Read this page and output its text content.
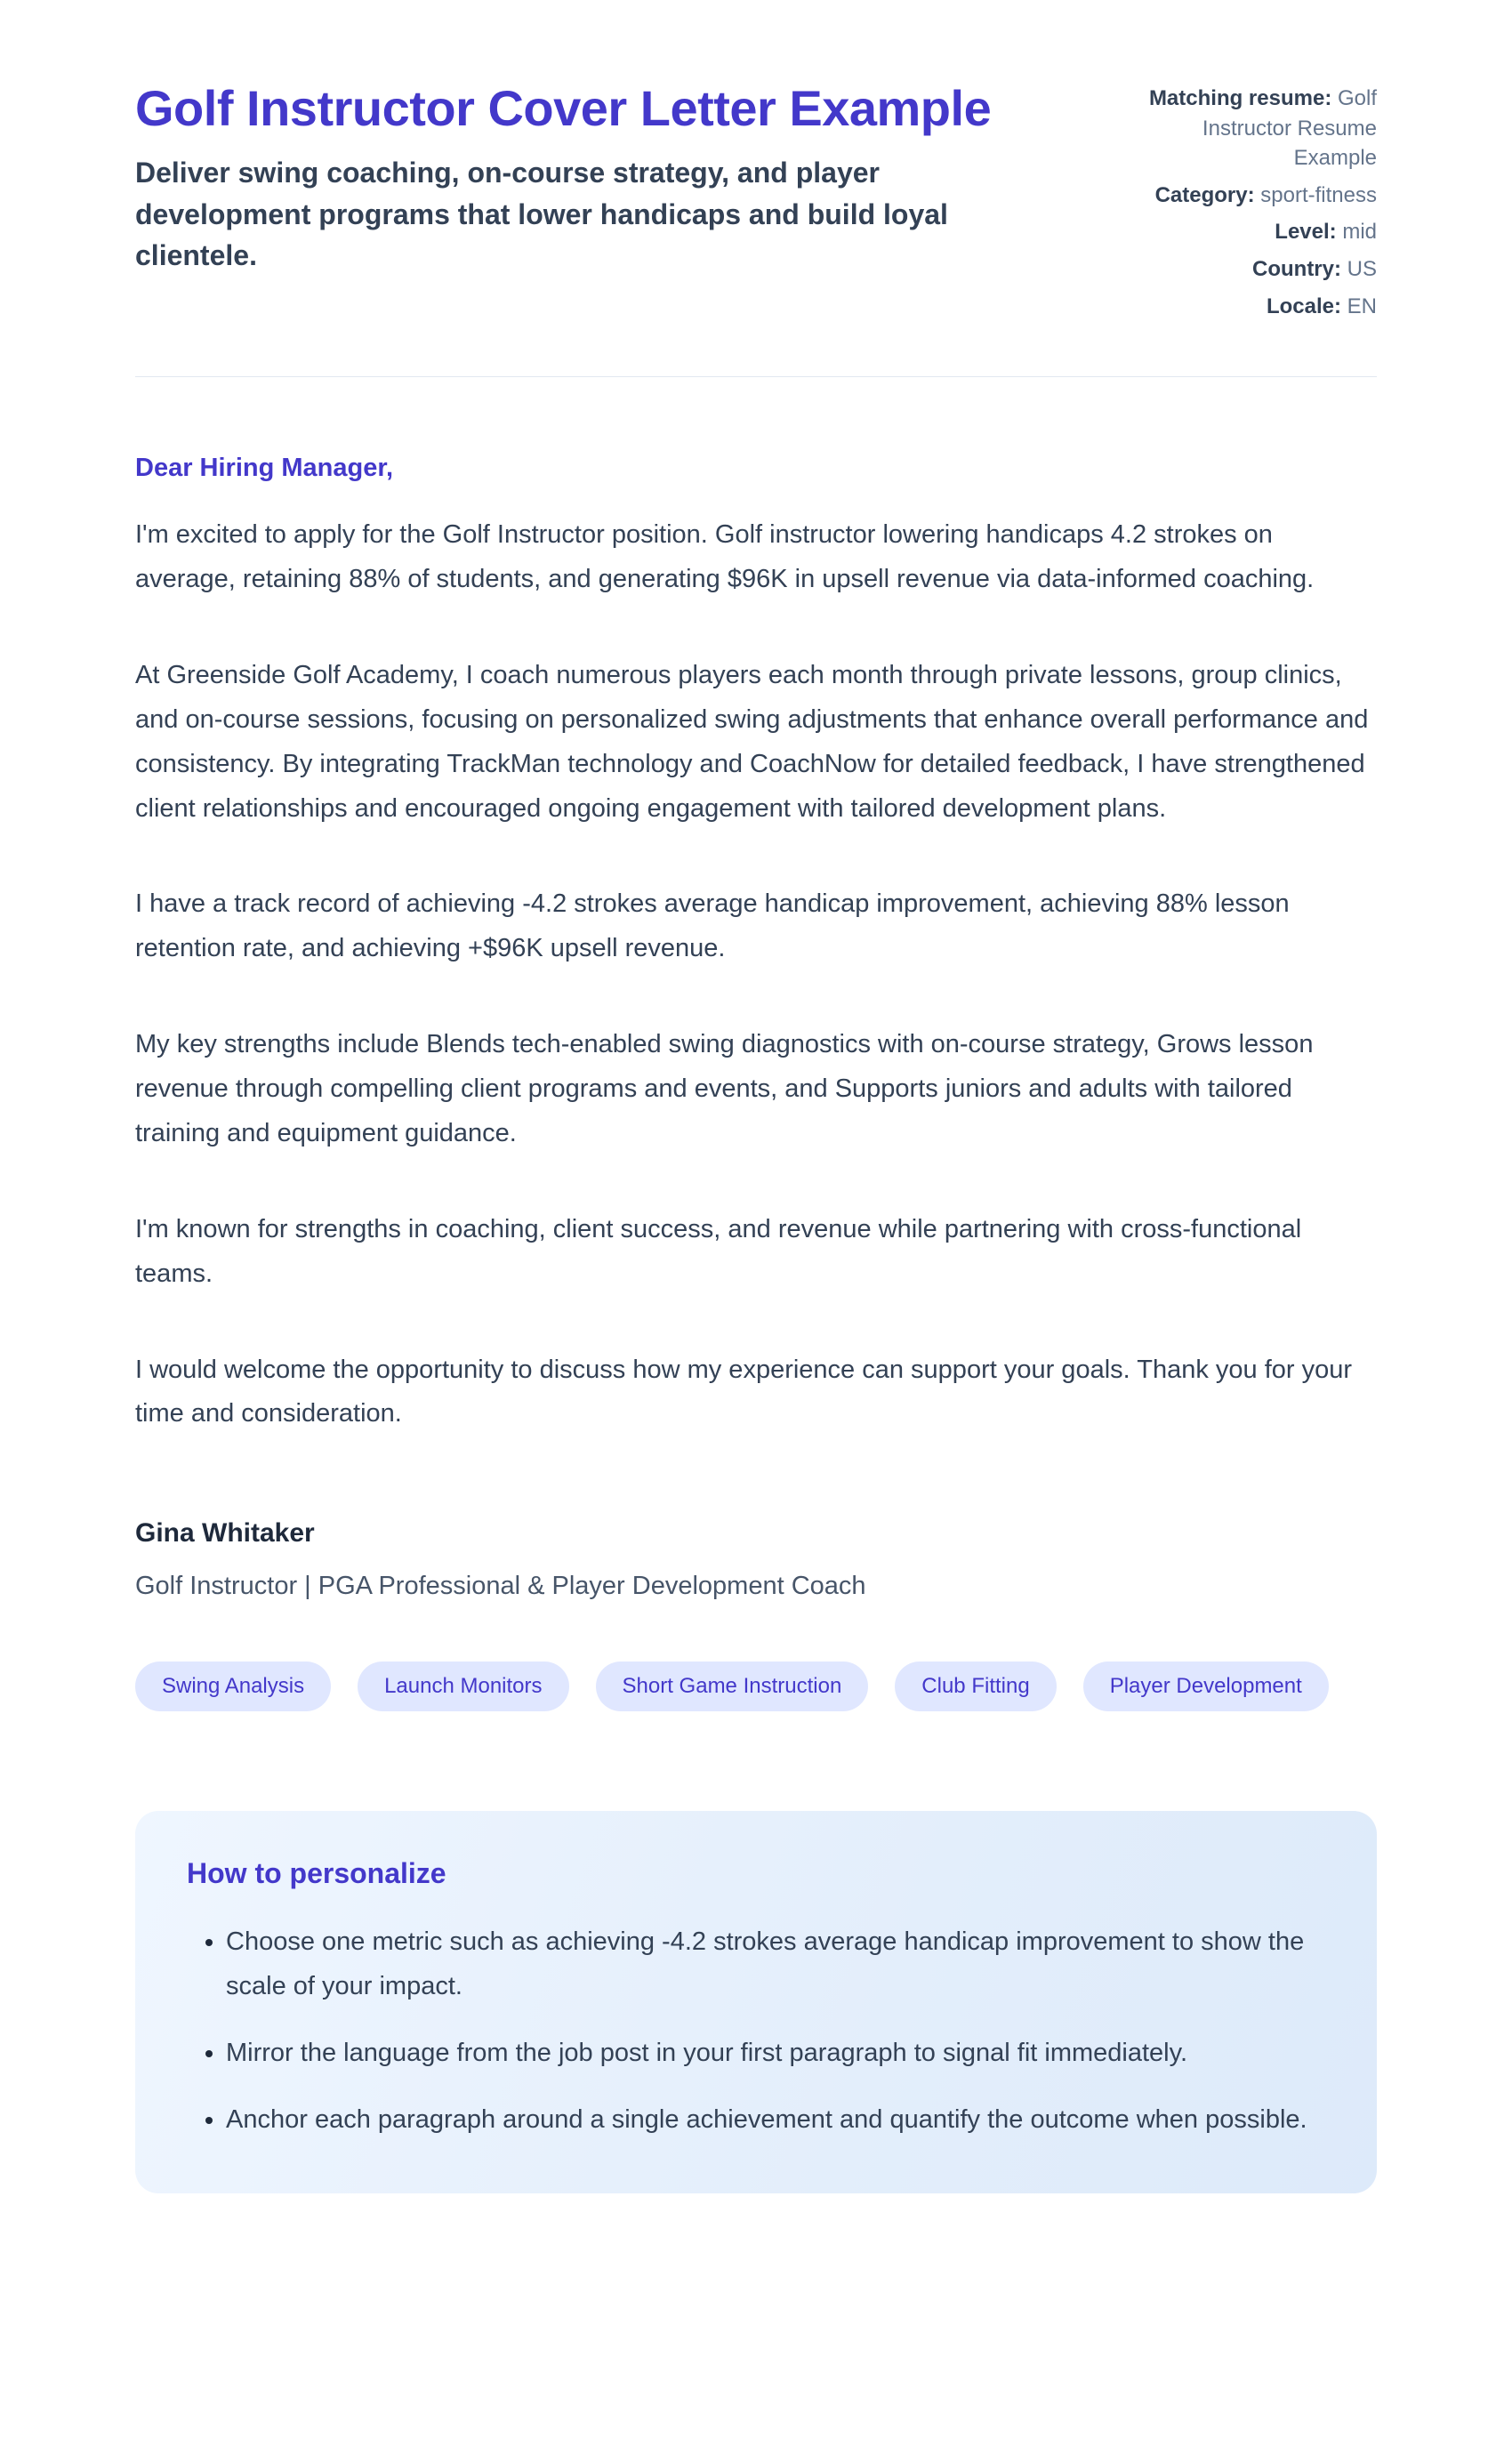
Golf Instructor Cover Letter Example

Deliver swing coaching, on-course strategy, and player development programs that lower handicaps and build loyal clientele.

Matching resume: Golf Instructor Resume Example
Category: sport-fitness
Level: mid
Country: US
Locale: EN

Dear Hiring Manager,

I'm excited to apply for the Golf Instructor position. Golf instructor lowering handicaps 4.2 strokes on average, retaining 88% of students, and generating $96K in upsell revenue via data-informed coaching.

At Greenside Golf Academy, I coach numerous players each month through private lessons, group clinics, and on-course sessions, focusing on personalized swing adjustments that enhance overall performance and consistency. By integrating TrackMan technology and CoachNow for detailed feedback, I have strengthened client relationships and encouraged ongoing engagement with tailored development plans.

I have a track record of achieving -4.2 strokes average handicap improvement, achieving 88% lesson retention rate, and achieving +$96K upsell revenue.

My key strengths include Blends tech-enabled swing diagnostics with on-course strategy, Grows lesson revenue through compelling client programs and events, and Supports juniors and adults with tailored training and equipment guidance.

I'm known for strengths in coaching, client success, and revenue while partnering with cross-functional teams.

I would welcome the opportunity to discuss how my experience can support your goals. Thank you for your time and consideration.

Gina Whitaker

Golf Instructor | PGA Professional & Player Development Coach

Swing Analysis	Launch Monitors	Short Game Instruction	Club Fitting	Player Development
How to personalize
• Choose one metric such as achieving -4.2 strokes average handicap improvement to show the scale of your impact.
• Mirror the language from the job post in your first paragraph to signal fit immediately.
• Anchor each paragraph around a single achievement and quantify the outcome when possible.
